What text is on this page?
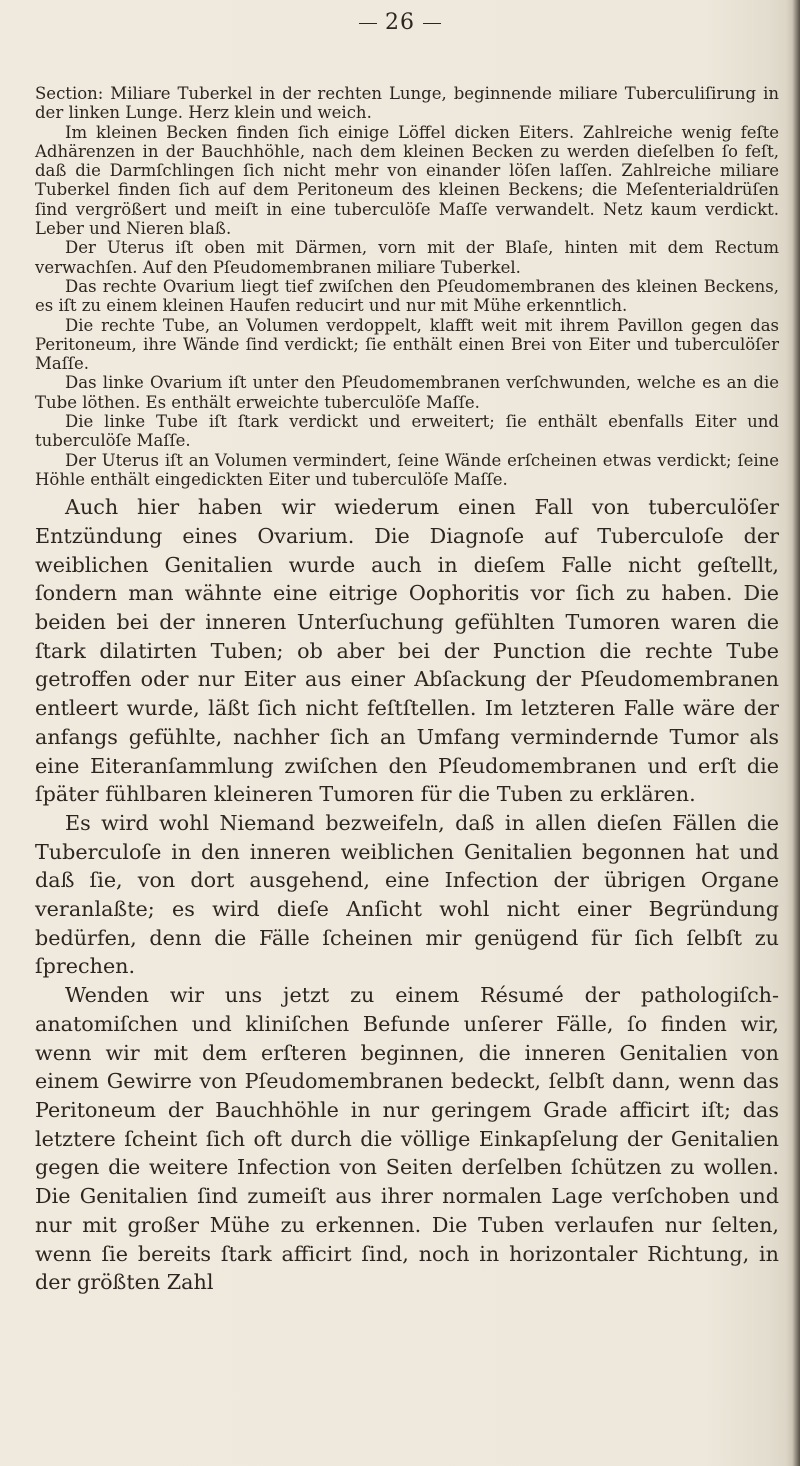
26

Section: Miliare Tuberkel in der rechten Lunge, beginnende miliare Tuberculiſirung in der linken Lunge. Herz klein und weich.

Im kleinen Becken finden ſich einige Löffel dicken Eiters. Zahlreiche wenig feſte Adhärenzen in der Bauchhöhle, nach dem kleinen Becken zu werden dieſelben ſo feſt, daß die Darmſchlingen ſich nicht mehr von einander löſen laſſen. Zahlreiche miliare Tuberkel finden ſich auf dem Peritoneum des kleinen Beckens; die Meſenterialdrüſen ſind vergrößert und meiſt in eine tuberculöſe Maſſe verwandelt. Netz kaum verdickt. Leber und Nieren blaß.

Der Uterus iſt oben mit Därmen, vorn mit der Blaſe, hinten mit dem Rectum verwachſen. Auf den Pſeudomembranen miliare Tuberkel.

Das rechte Ovarium liegt tief zwiſchen den Pſeudomembranen des kleinen Beckens, es iſt zu einem kleinen Haufen reducirt und nur mit Mühe erkenntlich.

Die rechte Tube, an Volumen verdoppelt, klafft weit mit ihrem Pavillon gegen das Peritoneum, ihre Wände ſind verdickt; ſie enthält einen Brei von Eiter und tuberculöſer Maſſe.

Das linke Ovarium iſt unter den Pſeudomembranen verſchwunden, welche es an die Tube löthen. Es enthält erweichte tuberculöſe Maſſe.

Die linke Tube iſt ſtark verdickt und erweitert; ſie enthält ebenfalls Eiter und tuberculöſe Maſſe.

Der Uterus iſt an Volumen vermindert, ſeine Wände erſcheinen etwas verdickt; ſeine Höhle enthält eingedickten Eiter und tuberculöſe Maſſe.

Auch hier haben wir wiederum einen Fall von tuberculöſer Entzündung eines Ovarium. Die Diagnoſe auf Tuberculoſe der weiblichen Genitalien wurde auch in dieſem Falle nicht geſtellt, ſondern man wähnte eine eitrige Oophoritis vor ſich zu haben. Die beiden bei der inneren Unterſuchung gefühlten Tumoren waren die ſtark dilatirten Tuben; ob aber bei der Punction die rechte Tube getroffen oder nur Eiter aus einer Abſackung der Pſeudomembranen entleert wurde, läßt ſich nicht feſtſtellen. Im letzteren Falle wäre der anfangs gefühlte, nachher ſich an Umfang vermindernde Tumor als eine Eiteranſammlung zwiſchen den Pſeudomembranen und erſt die ſpäter fühlbaren kleineren Tumoren für die Tuben zu erklären.

Es wird wohl Niemand bezweifeln, daß in allen dieſen Fällen die Tuberculoſe in den inneren weiblichen Genitalien begonnen hat und daß ſie, von dort ausgehend, eine Infection der übrigen Organe veranlaßte; es wird dieſe Anſicht wohl nicht einer Begründung bedürfen, denn die Fälle ſcheinen mir genügend für ſich ſelbſt zu ſprechen.

Wenden wir uns jetzt zu einem Résumé der pathologiſch-anatomiſchen und kliniſchen Befunde unſerer Fälle, ſo finden wir, wenn wir mit dem erſteren beginnen, die inneren Genitalien von einem Gewirre von Pſeudomembranen bedeckt, ſelbſt dann, wenn das Peritoneum der Bauchhöhle in nur geringem Grade afficirt iſt; das letztere ſcheint ſich oft durch die völlige Einkapſelung der Genitalien gegen die weitere Infection von Seiten derſelben ſchützen zu wollen. Die Genitalien ſind zumeiſt aus ihrer normalen Lage verſchoben und nur mit großer Mühe zu erkennen. Die Tuben verlaufen nur ſelten, wenn ſie bereits ſtark afficirt ſind, noch in horizontaler Richtung, in der größten Zahl
